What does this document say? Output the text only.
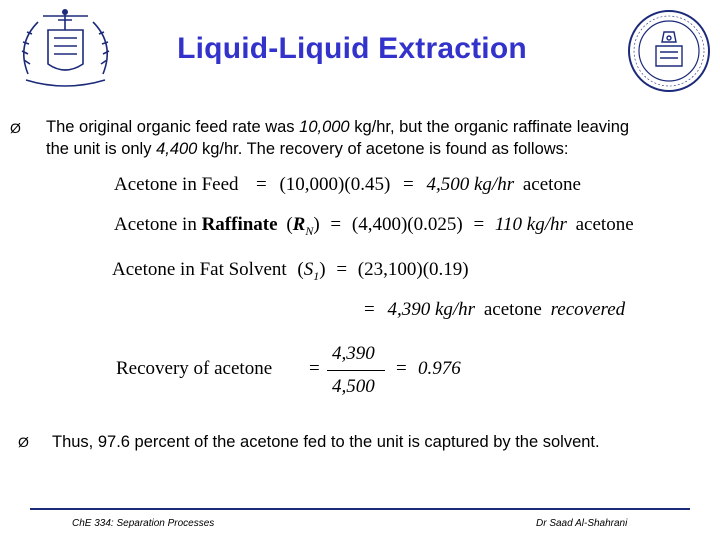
Liquid-Liquid Extraction
Ø The original organic feed rate was 10,000 kg/hr, but the organic raffinate leaving
the unit is only 4,400 kg/hr. The recovery of acetone is found as follows:
Acetone in Feed = (10,000)(0.45) = 4,500 kg/hr acetone
Acetone in Raffinate $(R_N) = (4,400)(0.025) = 110$ kg/hr acetone
Acetone in Fat Solvent $(S_1) = (23,100)(0.19)$
= 4,390 kg/hr acetone recovered
Recovery of acetone =
4,390
4,500
= 0.976
Ø Thus, 97.6 percent of the acetone fed to the unit is captured by the solvent.
ChE 334: Separation Processes	Dr Saad Al-Shahrani
